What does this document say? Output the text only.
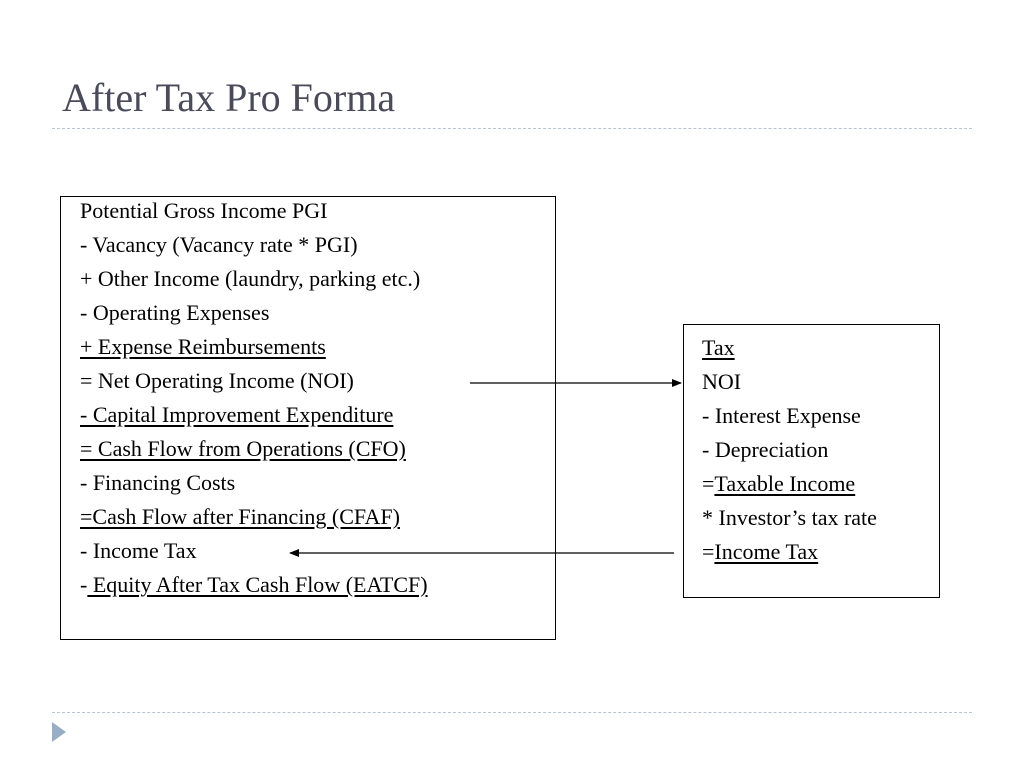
After Tax Pro Forma
Potential Gross Income PGI
- Vacancy (Vacancy rate * PGI)
+ Other Income (laundry, parking etc.)
- Operating Expenses
+ Expense Reimbursements
= Net Operating Income (NOI)
- Capital Improvement Expenditure
= Cash Flow from Operations (CFO)
- Financing Costs
=Cash Flow after Financing (CFAF)
- Income Tax
- Equity After Tax Cash Flow (EATCF)
Tax
NOI
- Interest Expense
- Depreciation
=Taxable Income
* Investor’s tax rate
=Income Tax
